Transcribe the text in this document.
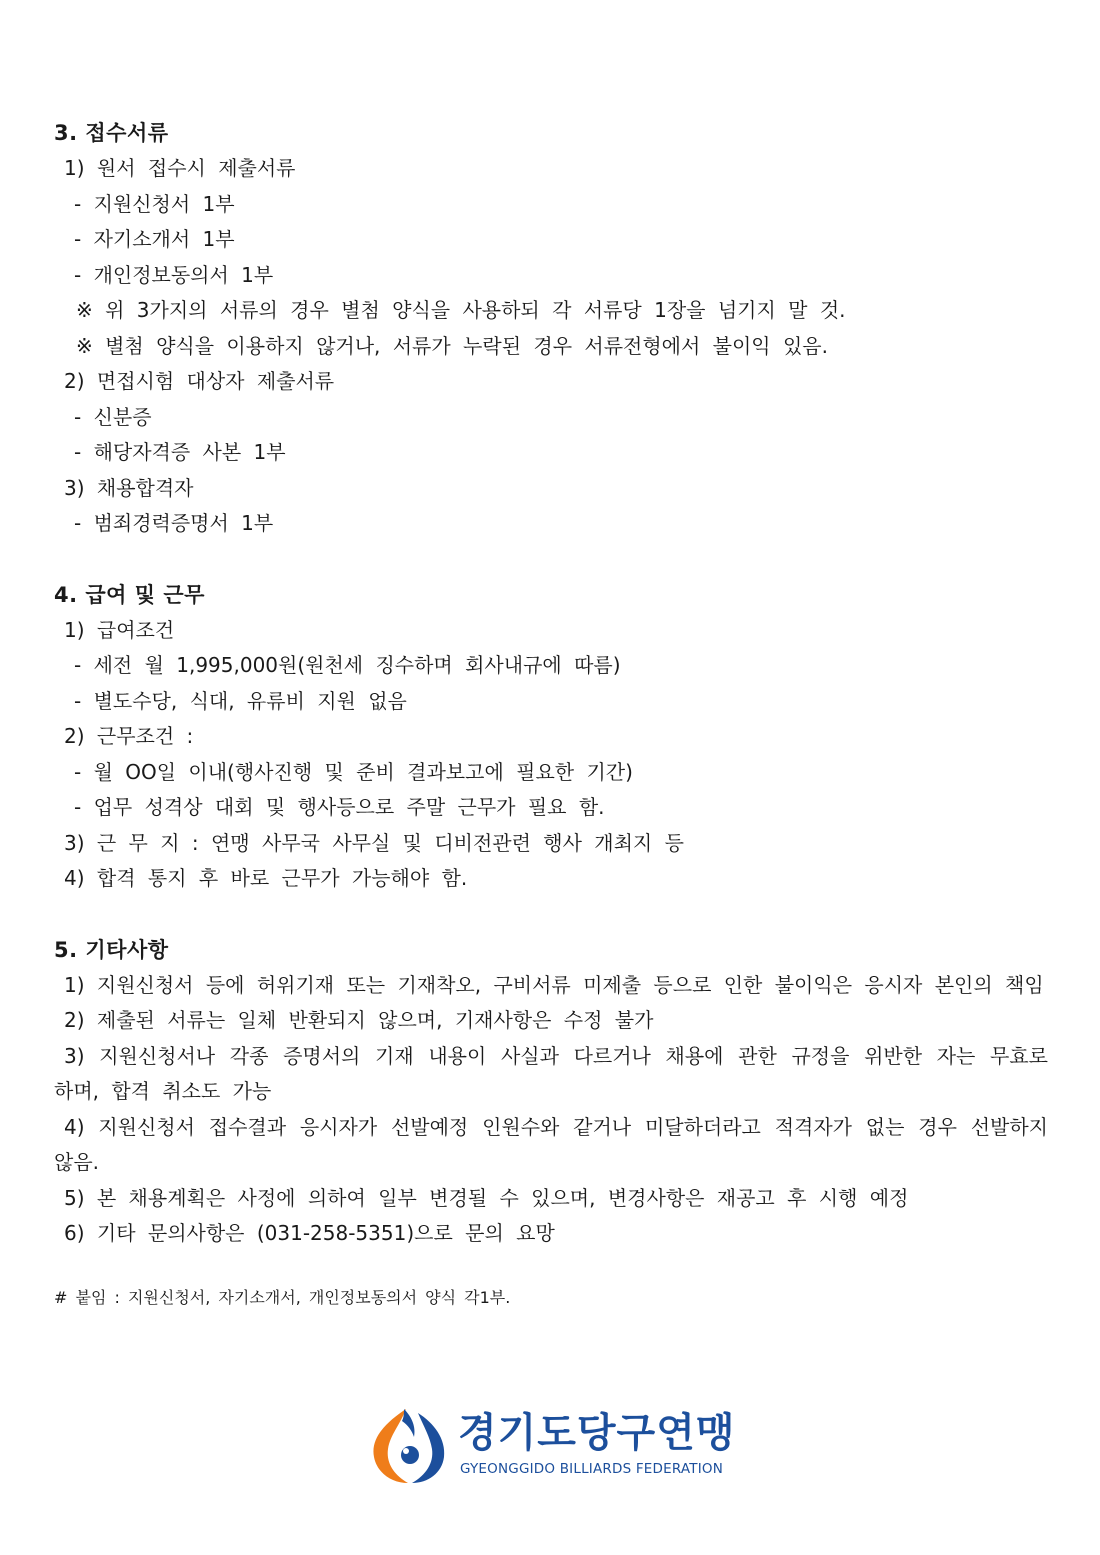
3. 접수서류
1) 원서 접수시 제출서류
- 지원신청서 1부
- 자기소개서 1부
- 개인정보동의서 1부
※ 위 3가지의 서류의 경우 별첨 양식을 사용하되 각 서류당 1장을 넘기지 말 것.
※ 별첨 양식을 이용하지 않거나, 서류가 누락된 경우 서류전형에서 불이익 있음.
2) 면접시험 대상자 제출서류
- 신분증
- 해당자격증 사본 1부
3) 채용합격자
- 범죄경력증명서 1부
4. 급여 및 근무
1) 급여조건
- 세전 월 1,995,000원(원천세 징수하며 회사내규에 따름)
- 별도수당, 식대, 유류비 지원 없음
2) 근무조건 :
- 월 OO일 이내(행사진행 및 준비 결과보고에 필요한 기간)
- 업무 성격상 대회 및 행사등으로 주말 근무가 필요 함.
3) 근 무 지 : 연맹 사무국 사무실 및 디비전관련 행사 개최지 등
4) 합격 통지 후 바로 근무가 가능해야 함.
5. 기타사항
1) 지원신청서 등에 허위기재 또는 기재착오, 구비서류 미제출 등으로 인한 불이익은 응시자 본인의 책임
2) 제출된 서류는 일체 반환되지 않으며, 기재사항은 수정 불가
3) 지원신청서나 각종 증명서의 기재 내용이 사실과 다르거나 채용에 관한 규정을 위반한 자는 무효로 하며, 합격 취소도 가능
4) 지원신청서 접수결과 응시자가 선발예정 인원수와 같거나 미달하더라고 적격자가 없는 경우 선발하지 않음.
5) 본 채용계획은 사정에 의하여 일부 변경될 수 있으며, 변경사항은 재공고 후 시행 예정
6) 기타 문의사항은 (031-258-5351)으로 문의 요망
# 붙임 : 지원신청서, 자기소개서, 개인정보동의서 양식 각1부.
경기도당구연맹
GYEONGGIDO BILLIARDS FEDERATION
